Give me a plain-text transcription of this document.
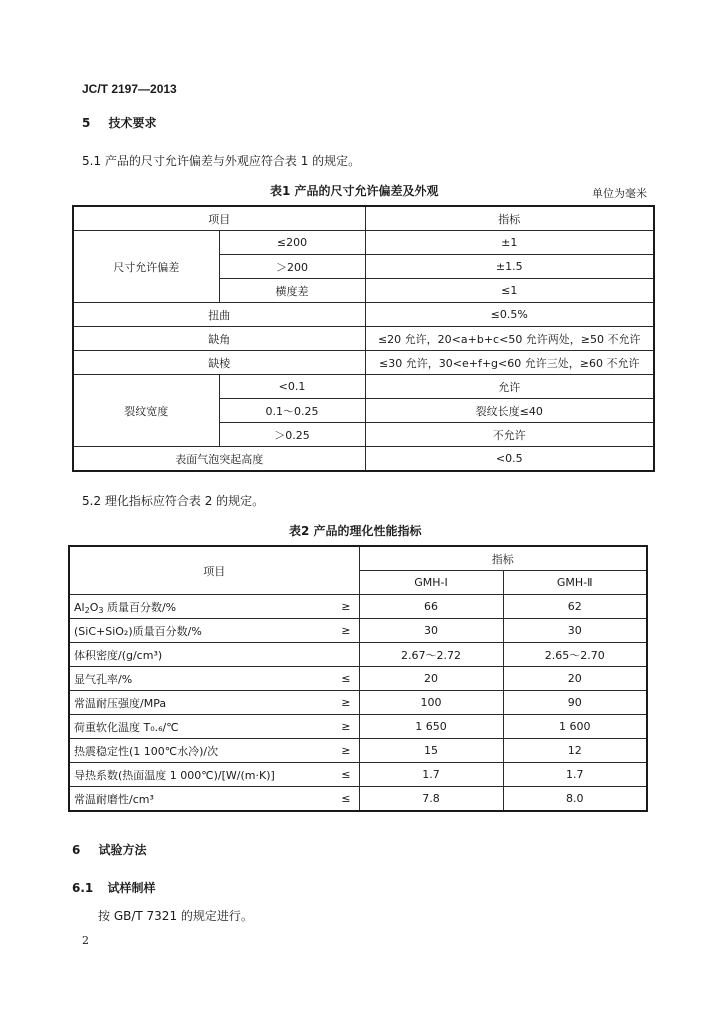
JC/T 2197—2013
5 技术要求
5.1 产品的尺寸允许偏差与外观应符合表 1 的规定。
表1 产品的尺寸允许偏差及外观	单位为毫米
项目		指标
尺寸允许偏差	≤200	±1
	＞200	±1.5
	横度差	≤1
扭曲		≤0.5%
缺角		≤20 允许，20<a+b+c<50 允许两处，≥50 不允许
缺棱		≤30 允许，30<e+f+g<60 允许三处，≥60 不允许
裂纹宽度	<0.1	允许
	0.1～0.25	裂纹长度≤40
	＞0.25	不允许
表面气泡突起高度		<0.5
5.2 理化指标应符合表 2 的规定。
表2 产品的理化性能指标
项目		指标	
		GMH-Ⅰ	GMH-Ⅱ
$Al_2O_3$ 质量百分数/%	≥	66	62
(SiC+SiO₂)质量百分数/%	≥	30	30
体积密度/(g/cm³)		2.67～2.72	2.65～2.70
显气孔率/%	≤	20	20
常温耐压强度/MPa	≥	100	90
荷重软化温度 T₀.₆/℃	≥	1 650	1 600
热震稳定性(1 100℃水冷)/次	≥	15	12
导热系数(热面温度 1 000℃)/[W/(m·K)]	≤	1.7	1.7
常温耐磨性/cm³	≤	7.8	8.0
6 试验方法
6.1 试样制样
按 GB/T 7321 的规定进行。
2
